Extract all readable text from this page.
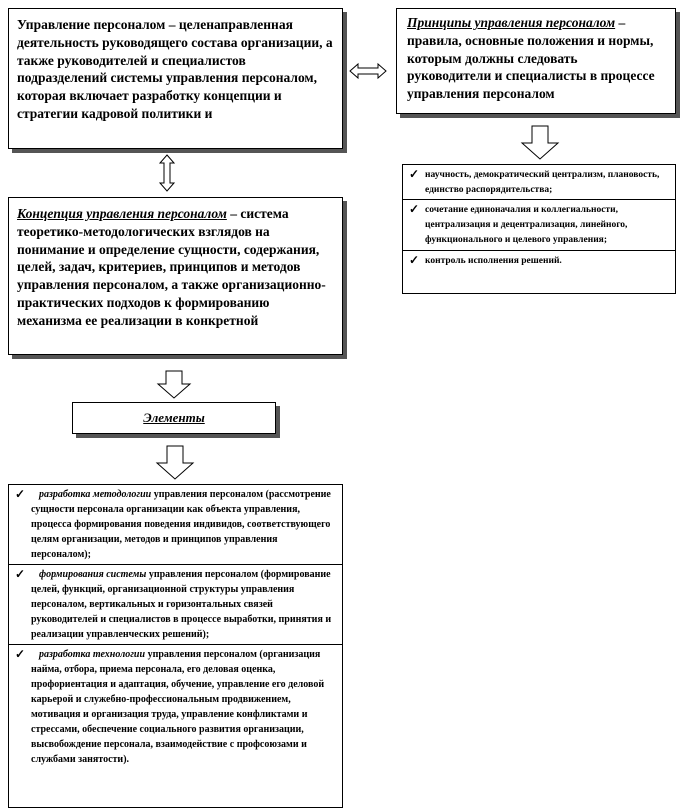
Управление персоналом – целенаправленная деятельность руководящего состава организации, а также руководителей и специалистов подразделений системы управления персоналом, которая включает разработку концепции и стратегии кадровой политики и
Принципы управления персоналом – правила, основные положения и нормы, которым должны следовать руководители и специалисты в процессе управления персоналом
✓ научность, демократический централизм, плановость, единство распорядительства;
✓ сочетание единоначалия и коллегиальности, централизация и децентрализация, линейного, функционального и целевого управления;
✓ контроль исполнения решений.
Концепция управления персоналом – система теоретико-методологических взглядов на понимание и определение сущности, содержания, целей, задач, критериев, принципов и методов управления персоналом, а также организационно-практических подходов к формированию механизма ее реализации в конкретной
Элементы
✓ разработка методологии управления персоналом (рассмотрение сущности персонала организации как объекта управления, процесса формирования поведения индивидов, соответствующего целям организации, методов и принципов управления персоналом);
✓ формирования системы управления персоналом (формирование целей, функций, организационной структуры управления персоналом, вертикальных и горизонтальных связей руководителей и специалистов в процессе выработки, принятия и реализации управленческих решений);
✓ разработка технологии управления персоналом (организация найма, отбора, приема персонала, его деловая оценка, профориентация и адаптация, обучение, управление его деловой карьерой и служебно-профессиональным продвижением, мотивация и организация труда, управление конфликтами и стрессами, обеспечение социального развития организации, высвобождение персонала, взаимодействие с профсоюзами и службами занятости).
